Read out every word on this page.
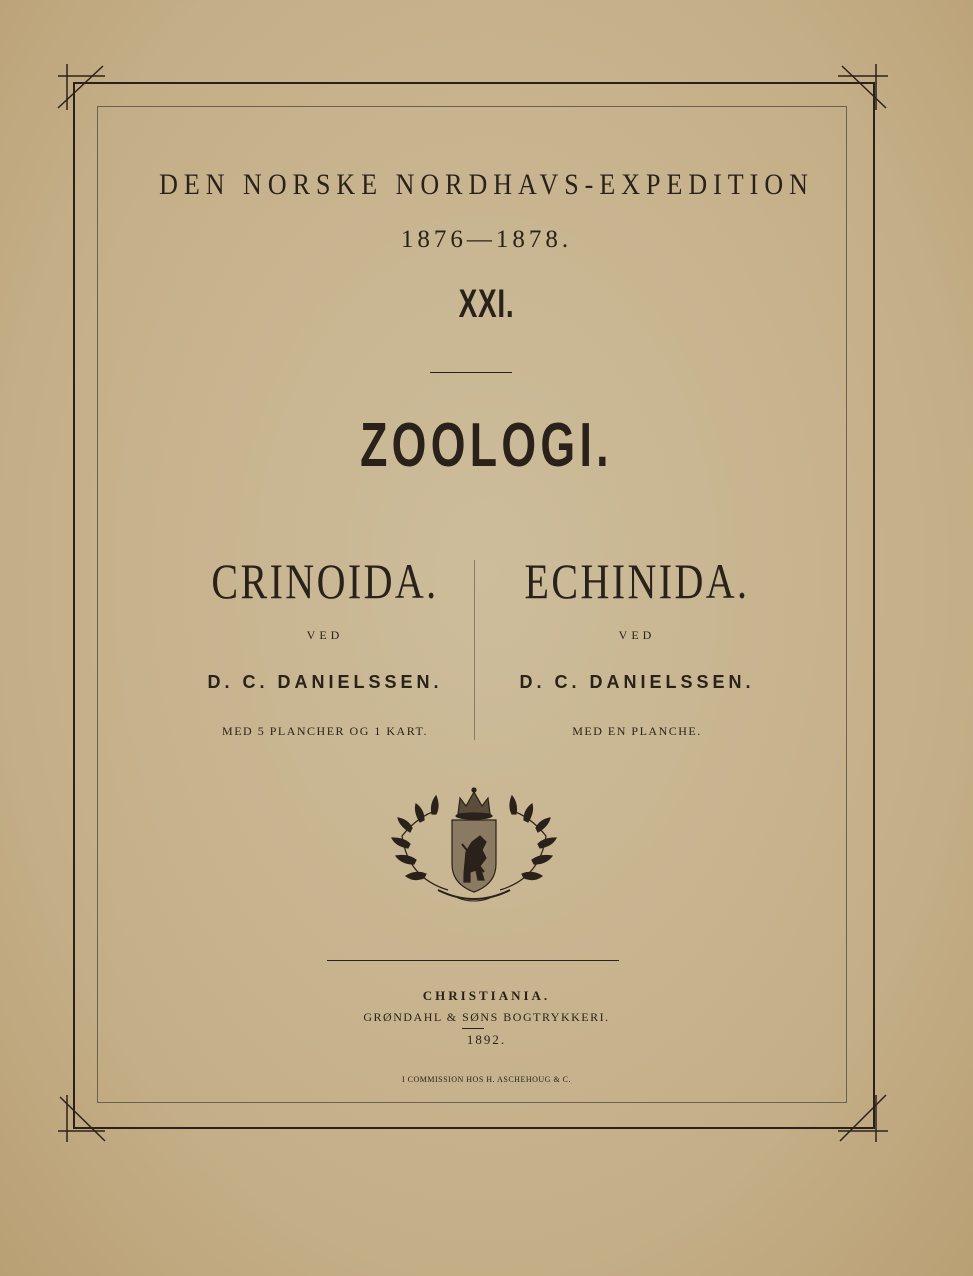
DEN NORSKE NORDHAVS-EXPEDITION
1876—1878.
XXI.
ZOOLOGI.
CRINOIDA.
VED
D. C. DANIELSSEN.
MED 5 PLANCHER OG 1 KART.
ECHINIDA.
VED
D. C. DANIELSSEN.
MED EN PLANCHE.
CHRISTIANIA.
GRØNDAHL & SØNS BOGTRYKKERI.
1892.
I COMMISSION HOS H. ASCHEHOUG & C.
